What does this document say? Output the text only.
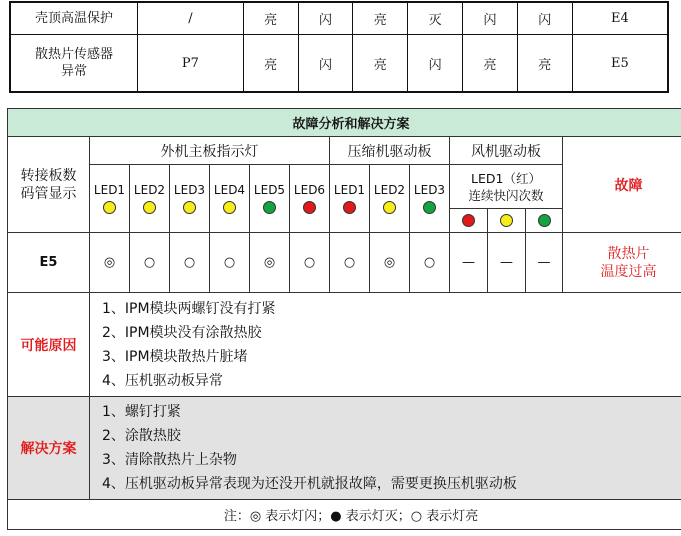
壳顶高温保护	/	亮	闪	亮	灭	闪	闪	E4

散热片传感器
异常	P7	亮	闪	亮	闪	亮	亮	E5
故障分析和解决方案													

转接板数
码管显示	外机主板指示灯						压缩机驱动板			风机驱动板			故障

	LED1	LED2	LED3	LED4	LED5	LED6	LED1	LED2	LED3	LED1（红）
连续快闪次数			

E5	◎	○	○	○	◎	○	○	◎	○	—	—	—	散热片
温度过高

可能原因	1、IPM模块两螺钉没有打紧
2、IPM模块没有涂散热胶
3、IPM模块散热片脏堵
4、压机驱动板异常												

解决方案	1、螺钉打紧
2、涂散热胶
3、清除散热片上杂物
4、压机驱动板异常表现为还没开机就报故障，需要更换压机驱动板												

注：◎ 表示灯闪；● 表示灯灭；○ 表示灯亮													
